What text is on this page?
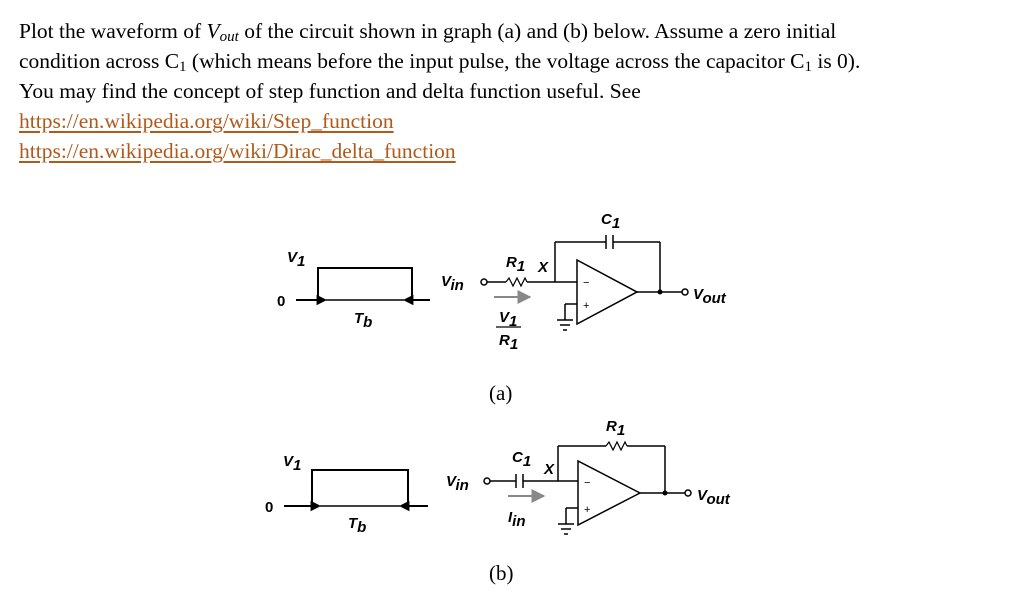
Plot the waveform of $V_{out}$ of the circuit shown in graph (a) and (b) below. Assume a zero initial
condition across $C_1$ (which means before the input pulse, the voltage across the capacitor $C_1$ is 0).
You may find the concept of step function and delta function useful. See
https://en.wikipedia.org/wiki/Step_function
https://en.wikipedia.org/wiki/Dirac_delta_function
V1
0
Tb
Vin
R1 X
C1
−
+
Vout
V1
R1
(a)
V1
0
Tb
Vin
C1 X
R1
−
+
Vout
Iin
(b)
